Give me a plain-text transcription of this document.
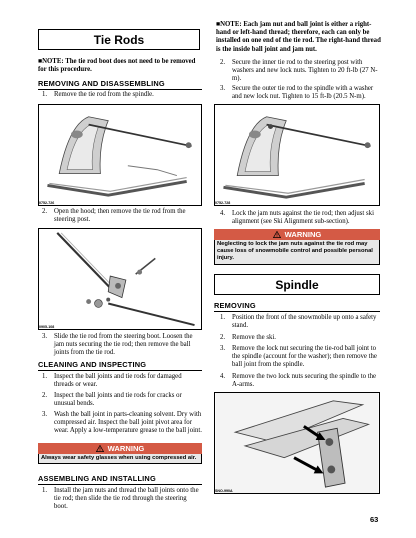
Tie Rods
■NOTE: The tie rod boot does not need to be removed for this procedure.
REMOVING AND DISASSEMBLING
1.	Remove the tie rod from the spindle.
0752-726
2.	Open the hood; then remove the tie rod from the steering post.
0905-108
3.	Slide the tie rod from the steering boot. Loosen the jam nuts securing the tie rod; then remove the ball joints from the tie rod.
CLEANING AND INSPECTING
1.	Inspect the ball joints and tie rods for damaged threads or wear.
2.	Inspect the ball joints and tie rods for cracks or unusual bends.
3.	Wash the ball joint in parts-cleaning solvent. Dry with compressed air. Inspect the ball joint pivot area for wear. Apply a low-temperature grease to the ball joint.
WARNING
Always wear safety glasses when using compressed air.
ASSEMBLING AND INSTALLING
1.	Install the jam nuts and thread the ball joints onto the tie rod; then slide the tie rod through the steering boot.
■NOTE: Each jam nut and ball joint is either a right-hand or left-hand thread; therefore, each can only be installed on one end of the tie rod. The right-hand thread is the inside ball joint and jam nut.
2.	Secure the inner tie rod to the steering post with washers and new lock nuts. Tighten to 20 ft-lb (27 N-m).
3.	Secure the outer tie rod to the spindle with a washer and new lock nut. Tighten to 15 ft-lb (20.5 N-m).
0752-728
4.	Lock the jam nuts against the tie rod; then adjust ski alignment (see Ski Alignment sub-section).
WARNING
Neglecting to lock the jam nuts against the tie rod may cause loss of snowmobile control and possible personal injury.
Spindle
REMOVING
1.	Position the front of the snowmobile up onto a safety stand.
2.	Remove the ski.
3.	Remove the lock nut securing the tie-rod ball joint to the spindle (account for the washer); then remove the ball joint from the spindle.
4.	Remove the two lock nuts securing the spindle to the A-arms.
SNO-990A
63
